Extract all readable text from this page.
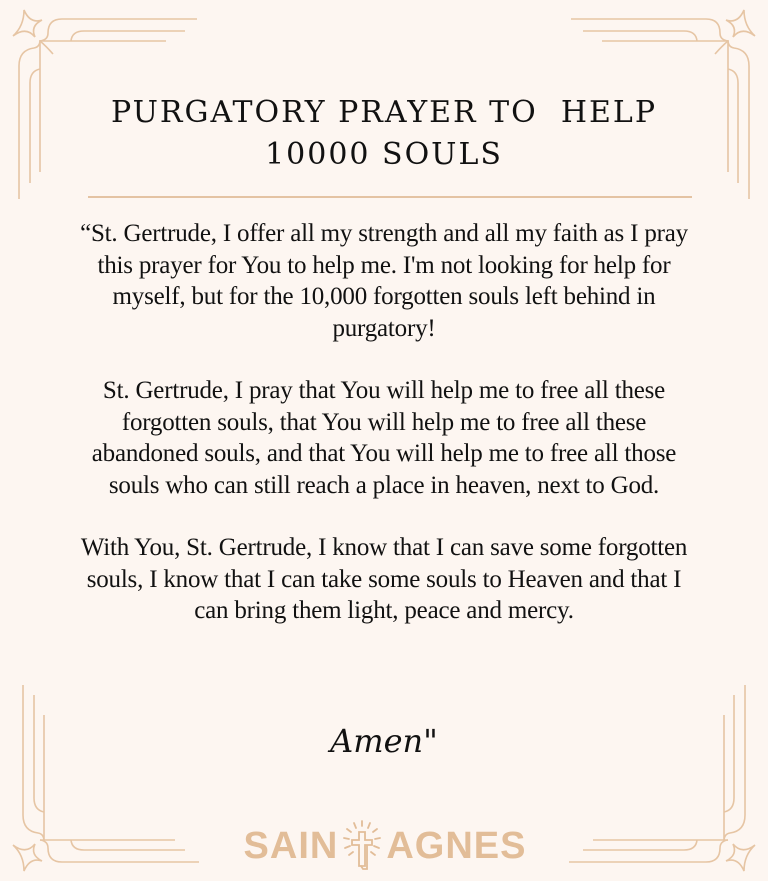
PURGATORY PRAYER TO  HELP
10000 SOULS

“St. Gertrude, I offer all my strength and all my faith as I pray this prayer for You to help me. I'm not looking for help for myself, but for the 10,000 forgotten souls left behind in purgatory!

St. Gertrude, I pray that You will help me to free all these forgotten souls, that You will help me to free all these abandoned souls, and that You will help me to free all those souls who can still reach a place in heaven, next to God.

With You, St. Gertrude, I know that I can save some forgotten souls, I know that I can take some souls to Heaven and that I can bring them light, peace and mercy.

Amen"
SAIN AGNES
